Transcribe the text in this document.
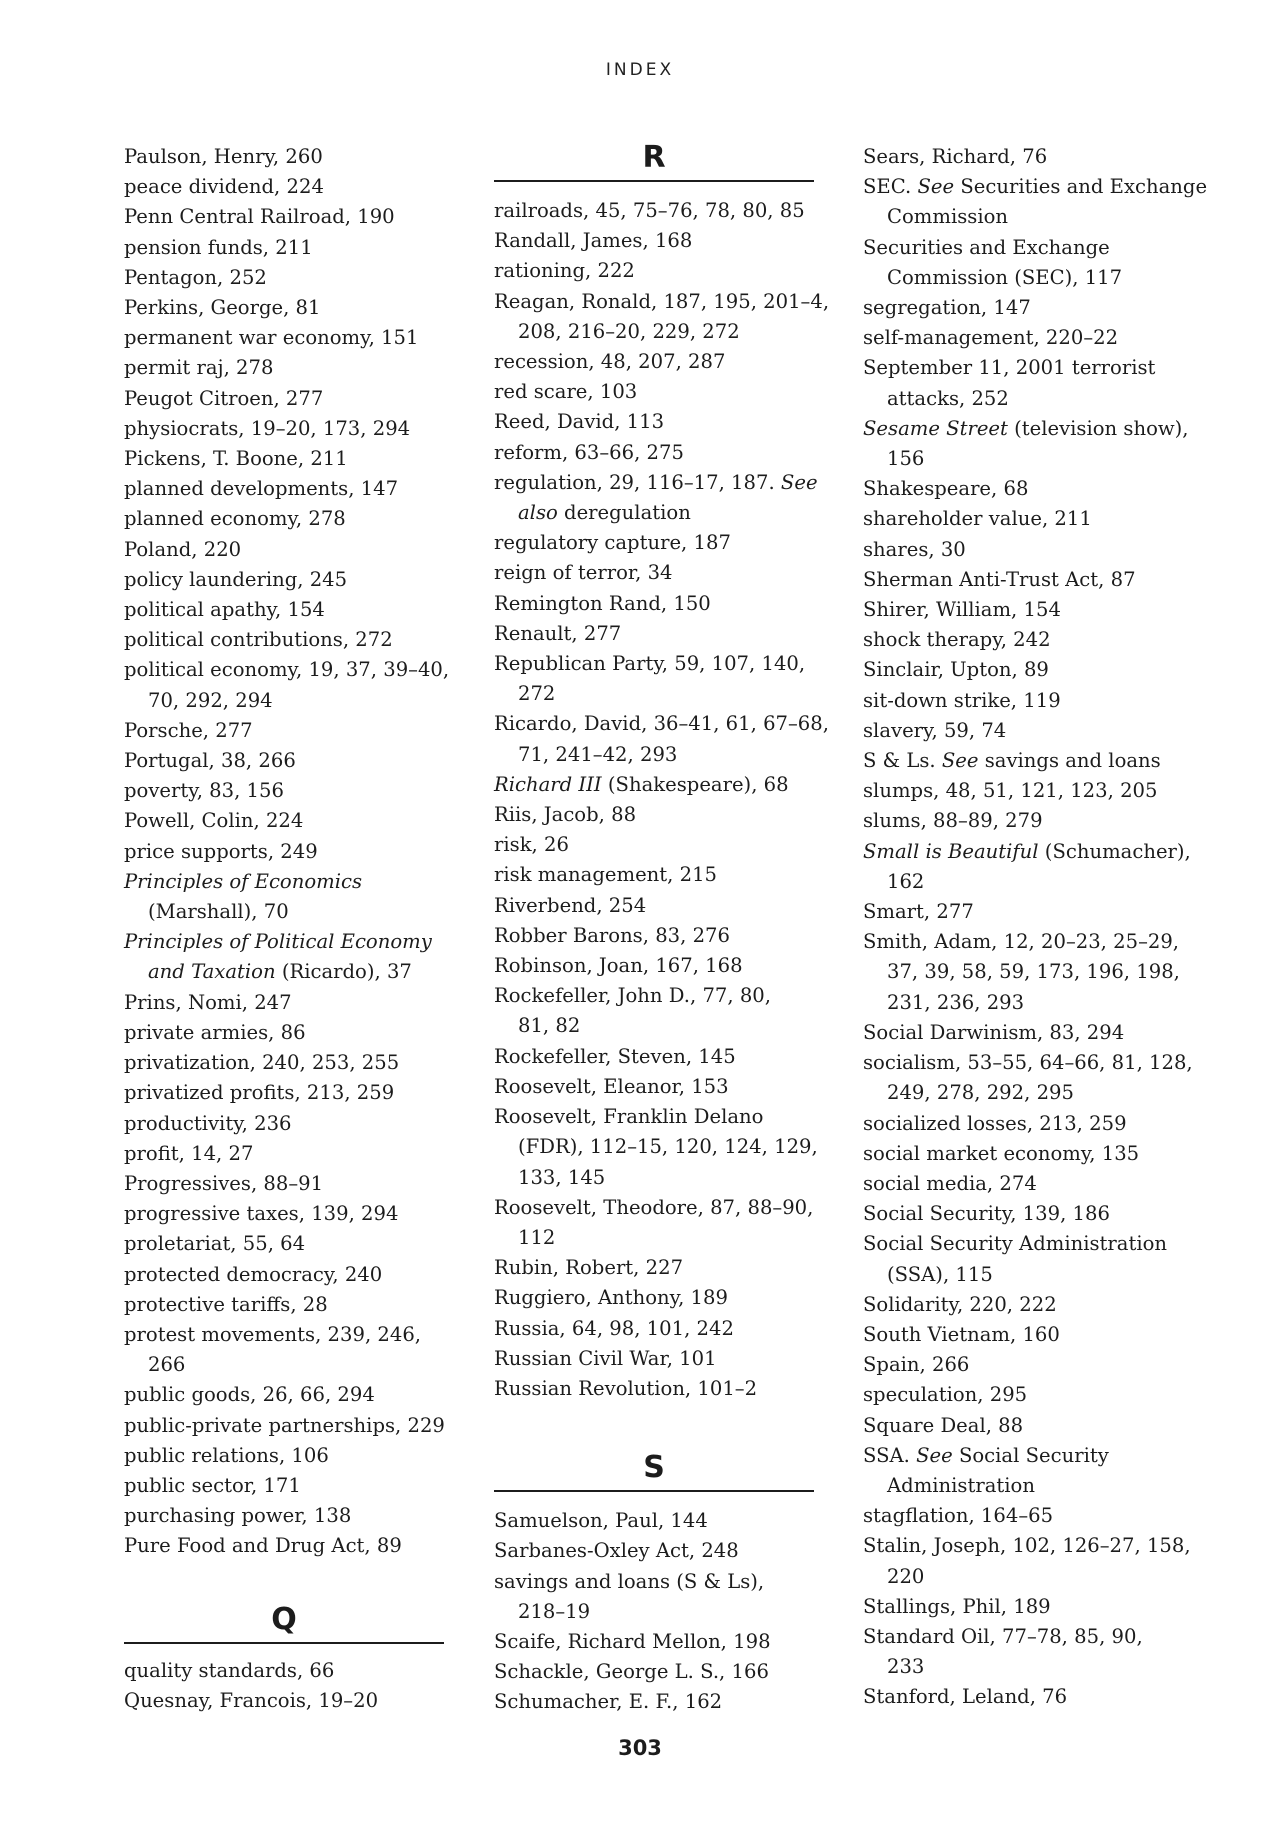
INDEX
Paulson, Henry, 260
peace dividend, 224
Penn Central Railroad, 190
pension funds, 211
Pentagon, 252
Perkins, George, 81
permanent war economy, 151
permit raj, 278
Peugot Citroen, 277
physiocrats, 19–20, 173, 294
Pickens, T. Boone, 211
planned developments, 147
planned economy, 278
Poland, 220
policy laundering, 245
political apathy, 154
political contributions, 272
political economy, 19, 37, 39–40,
70, 292, 294
Porsche, 277
Portugal, 38, 266
poverty, 83, 156
Powell, Colin, 224
price supports, 249
Principles of Economics
(Marshall), 70
Principles of Political Economy
and Taxation (Ricardo), 37
Prins, Nomi, 247
private armies, 86
privatization, 240, 253, 255
privatized profits, 213, 259
productivity, 236
profit, 14, 27
Progressives, 88–91
progressive taxes, 139, 294
proletariat, 55, 64
protected democracy, 240
protective tariffs, 28
protest movements, 239, 246,
266
public goods, 26, 66, 294
public-private partnerships, 229
public relations, 106
public sector, 171
purchasing power, 138
Pure Food and Drug Act, 89
Q
quality standards, 66
Quesnay, Francois, 19–20
R
railroads, 45, 75–76, 78, 80, 85
Randall, James, 168
rationing, 222
Reagan, Ronald, 187, 195, 201–4,
208, 216–20, 229, 272
recession, 48, 207, 287
red scare, 103
Reed, David, 113
reform, 63–66, 275
regulation, 29, 116–17, 187. See
also deregulation
regulatory capture, 187
reign of terror, 34
Remington Rand, 150
Renault, 277
Republican Party, 59, 107, 140,
272
Ricardo, David, 36–41, 61, 67–68,
71, 241–42, 293
Richard III (Shakespeare), 68
Riis, Jacob, 88
risk, 26
risk management, 215
Riverbend, 254
Robber Barons, 83, 276
Robinson, Joan, 167, 168
Rockefeller, John D., 77, 80,
81, 82
Rockefeller, Steven, 145
Roosevelt, Eleanor, 153
Roosevelt, Franklin Delano
(FDR), 112–15, 120, 124, 129,
133, 145
Roosevelt, Theodore, 87, 88–90,
112
Rubin, Robert, 227
Ruggiero, Anthony, 189
Russia, 64, 98, 101, 242
Russian Civil War, 101
Russian Revolution, 101–2
S
Samuelson, Paul, 144
Sarbanes-Oxley Act, 248
savings and loans (S & Ls),
218–19
Scaife, Richard Mellon, 198
Schackle, George L. S., 166
Schumacher, E. F., 162
Sears, Richard, 76
SEC. See Securities and Exchange
Commission
Securities and Exchange
Commission (SEC), 117
segregation, 147
self-management, 220–22
September 11, 2001 terrorist
attacks, 252
Sesame Street (television show),
156
Shakespeare, 68
shareholder value, 211
shares, 30
Sherman Anti-Trust Act, 87
Shirer, William, 154
shock therapy, 242
Sinclair, Upton, 89
sit-down strike, 119
slavery, 59, 74
S & Ls. See savings and loans
slumps, 48, 51, 121, 123, 205
slums, 88–89, 279
Small is Beautiful (Schumacher),
162
Smart, 277
Smith, Adam, 12, 20–23, 25–29,
37, 39, 58, 59, 173, 196, 198,
231, 236, 293
Social Darwinism, 83, 294
socialism, 53–55, 64–66, 81, 128,
249, 278, 292, 295
socialized losses, 213, 259
social market economy, 135
social media, 274
Social Security, 139, 186
Social Security Administration
(SSA), 115
Solidarity, 220, 222
South Vietnam, 160
Spain, 266
speculation, 295
Square Deal, 88
SSA. See Social Security
Administration
stagflation, 164–65
Stalin, Joseph, 102, 126–27, 158,
220
Stallings, Phil, 189
Standard Oil, 77–78, 85, 90,
233
Stanford, Leland, 76
303
